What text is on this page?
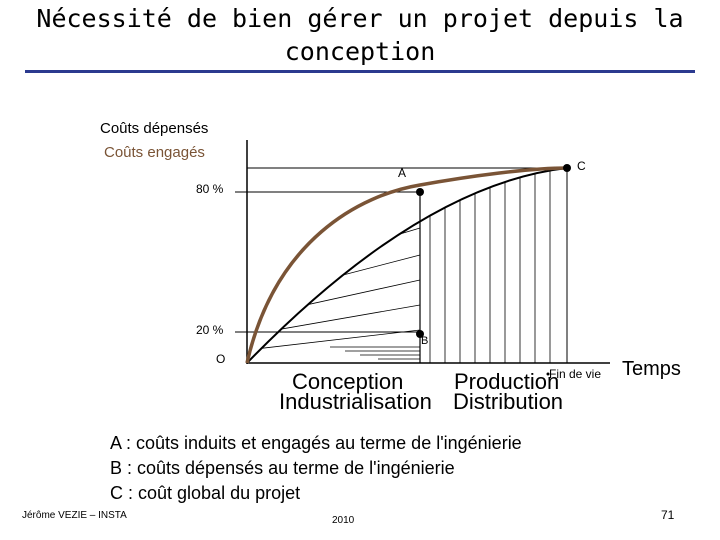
Nécessité de bien gérer un projet depuis la conception
Coûts dépensés
Coûts engagés
80 %
20 %
O
A	C
B
Fin de vie Temps
Conception Production
Industrialisation Distribution
A : coûts induits et engagés au terme de l'ingénierie
B : coûts dépensés au terme de l'ingénierie
C : coût global du projet
Jérôme VEZIE – INSTA	2010	71
